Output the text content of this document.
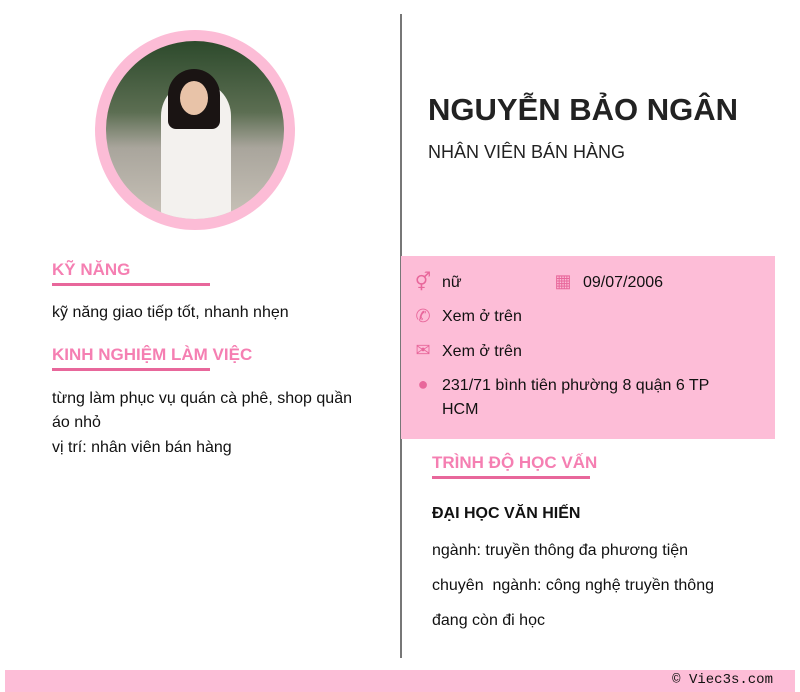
KỸ NĂNG
kỹ năng giao tiếp tốt, nhanh nhẹn
KINH NGHIỆM LÀM VIỆC
từng làm phục vụ quán cà phê, shop quần áo nhỏ
vị trí: nhân viên bán hàng
NGUYỄN BẢO NGÂN
NHÂN VIÊN BÁN HÀNG
⚥ nữ	▦ 09/07/2006
✆ Xem ở trên
✉ Xem ở trên
● 231/71 bình tiên phường 8 quận 6 TP HCM
TRÌNH ĐỘ HỌC VẤN
ĐẠI HỌC VĂN HIẾN
ngành: truyền thông đa phương tiện
chuyên  ngành: công nghệ truyền thông
đang còn đi học
© Viec3s.com
